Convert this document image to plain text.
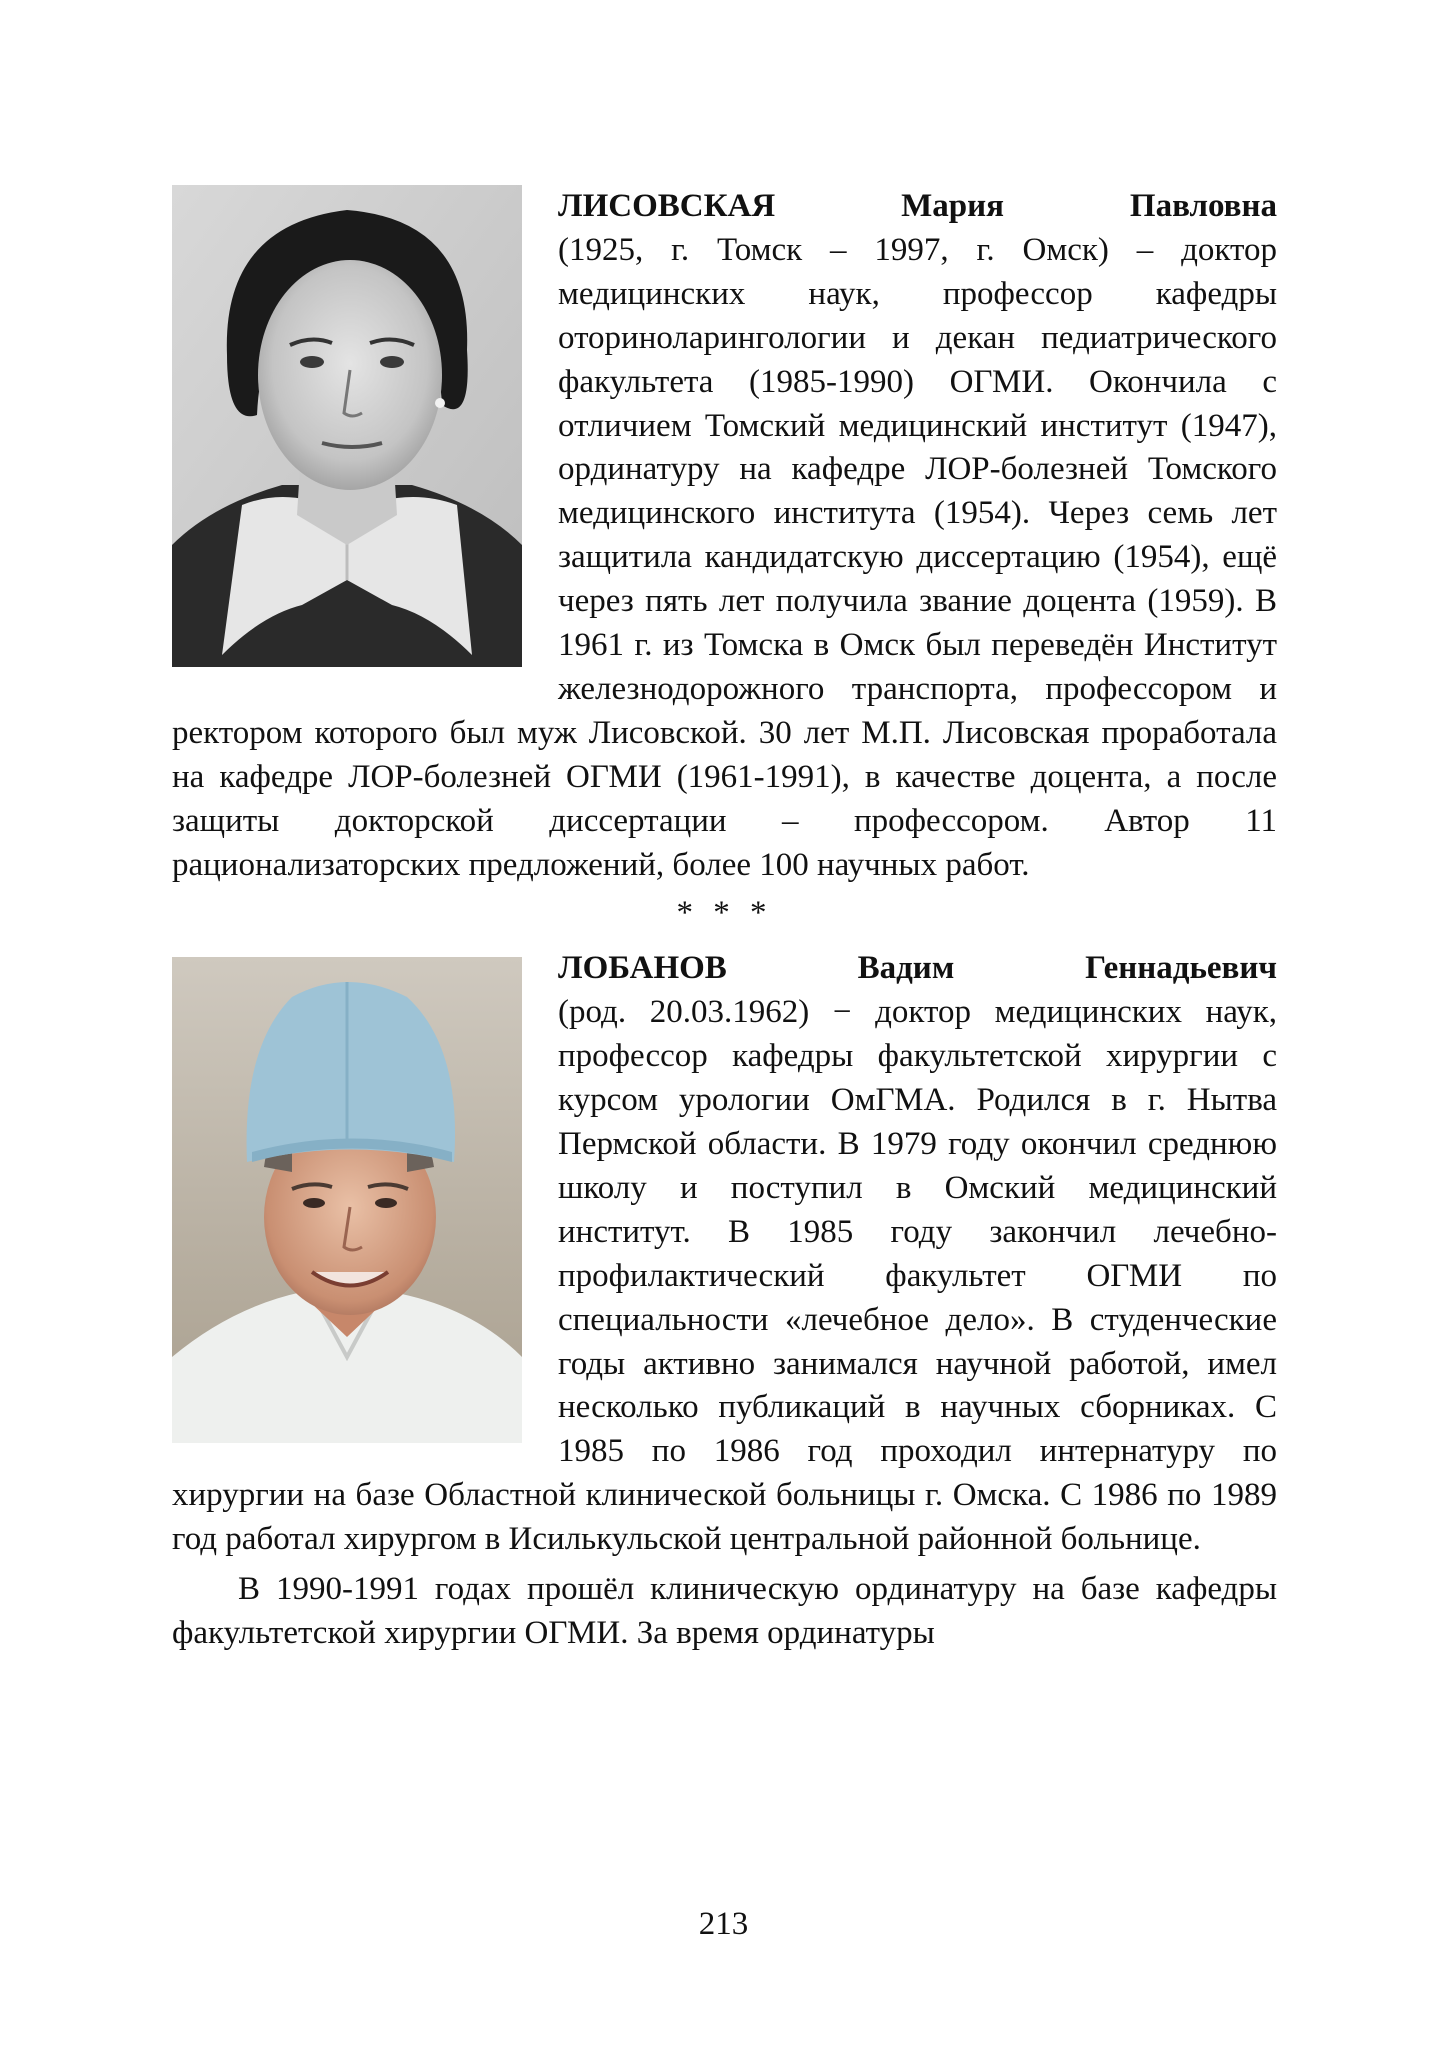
ЛИСОВСКАЯ Мария Павловна
(1925, г. Томск – 1997, г. Омск) – доктор медицинских наук, профессор кафедры оториноларингологии и декан педиатрического факультета (1985-1990) ОГМИ. Окончила с отличием Томский медицинский институт (1947), ординатуру на кафедре ЛОР-болезней Томского медицинского института (1954). Через семь лет защитила кандидатскую диссертацию (1954), ещё через пять лет получила звание доцента (1959). В 1961 г. из Томска в Омск был переведён Институт железнодорожного транспорта, профессором и ректором которого был муж Лисовской. 30 лет М.П. Лисовская проработала на кафедре ЛОР-болезней ОГМИ (1961-1991), в качестве доцента, а после защиты докторской диссертации – профессором. Автор 11 рационализаторских предложений, более 100 научных работ.

* * *

ЛОБАНОВ Вадим Геннадьевич
(род. 20.03.1962) − доктор медицинских наук, профессор кафедры факультетской хирургии с курсом урологии ОмГМА. Родился в г. Нытва Пермской области. В 1979 году окончил среднюю школу и поступил в Омский медицинский институт. В 1985 году закончил лечебно-профилактический факультет ОГМИ по специальности «лечебное дело». В студенческие годы активно занимался научной работой, имел несколько публикаций в научных сборниках. С 1985 по 1986 год проходил интернатуру по хирургии на базе Областной клинической больницы г. Омска. С 1986 по 1989 год работал хирургом в Исилькульской центральной районной больнице.

В 1990-1991 годах прошёл клиническую ординатуру на базе кафедры факультетской хирургии ОГМИ. За время ординатуры

213
